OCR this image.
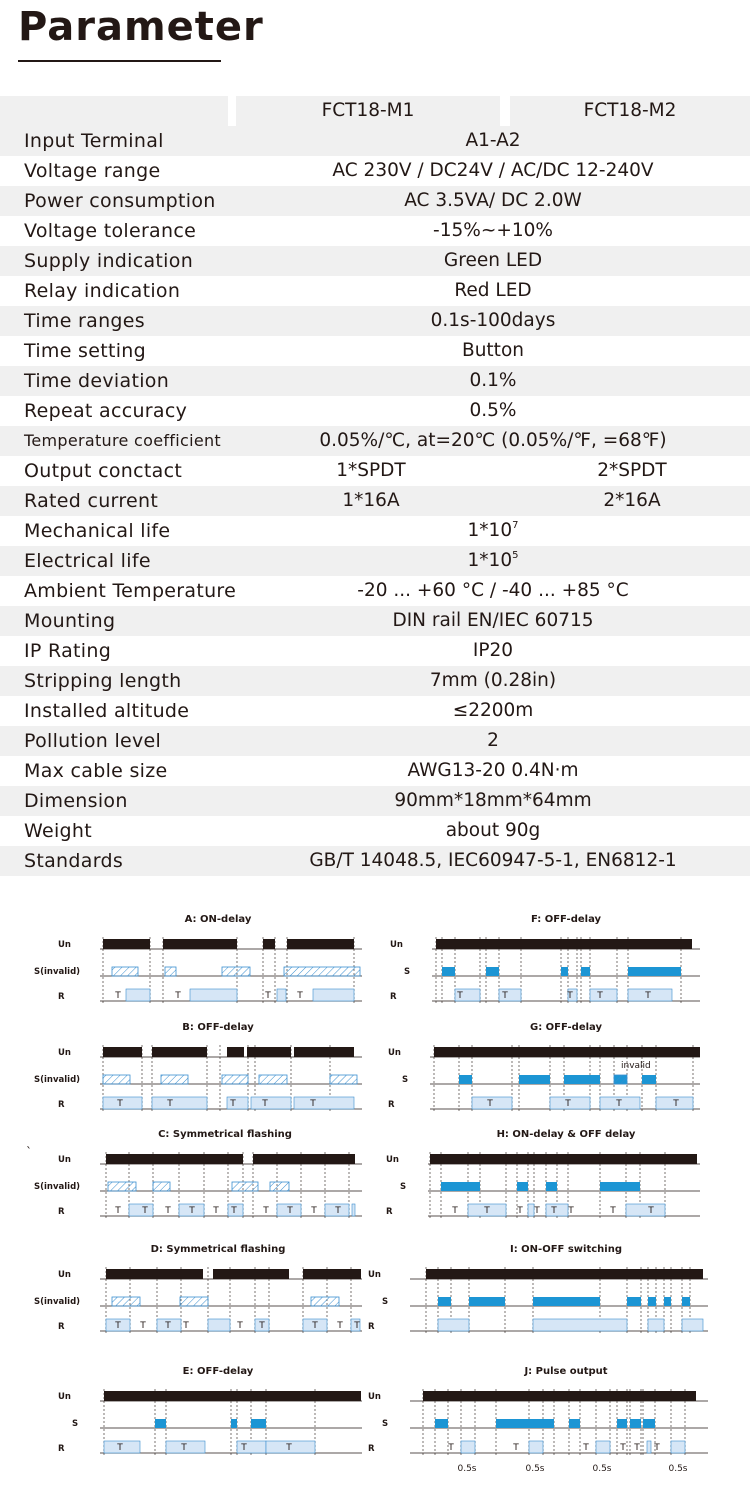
Parameter
FCT18-M1	FCT18-M2
Input Terminal	A1-A2
Voltage range	AC 230V / DC24V / AC/DC 12-240V
Power consumption	AC 3.5VA/ DC 2.0W
Voltage tolerance	-15%~+10%
Supply indication	Green LED
Relay indication	Red LED
Time ranges	0.1s-100days
Time setting	Button
Time deviation	0.1%
Repeat accuracy	0.5%
Temperature coefficient	0.05%/℃, at=20℃ (0.05%/℉, =68℉)
Output conctact	1*SPDT	2*SPDT
Rated current	1*16A	2*16A
Mechanical life	$1*10^7$
Electrical life	$1*10^5$
Ambient Temperature	-20 ... +60 °C / -40 ... +85 °C
Mounting	DIN rail EN/IEC 60715
IP Rating	IP20
Stripping length	7mm (0.28in)
Installed altitude	≤2200m
Pollution level	2
Max cable size	AWG13-20 0.4N·m
Dimension	90mm*18mm*64mm
Weight	about 90g
Standards	GB/T 14048.5, IEC60947-5-1, EN6812-1
`
A: ON-delay
Un
S(invalid)
R	T	T	T	T
B: OFF-delay
Un
S(invalid)
R	T	T	T	T	T
C: Symmetrical flashing
Un
S(invalid)
R	T T T T T T	T T T T
D: Symmetrical flashing
Un
S(invalid)
R	T T T T	T T	T T T
E: OFF-delay
Un
S
R	T	T	T	T
F: OFF-delay
Un
S
R	T	T	T	T	T
G: OFF-delay
Un
S
R
invalid
T	T	T	T
H: ON-delay & OFF delay
Un
S
R	T	T	T T T T	T	T
I: ON-OFF switching
Un
S
R
J: Pulse output
Un
S
R	T	T	T	T T T
0.5s	0.5s	0.5s	0.5s
